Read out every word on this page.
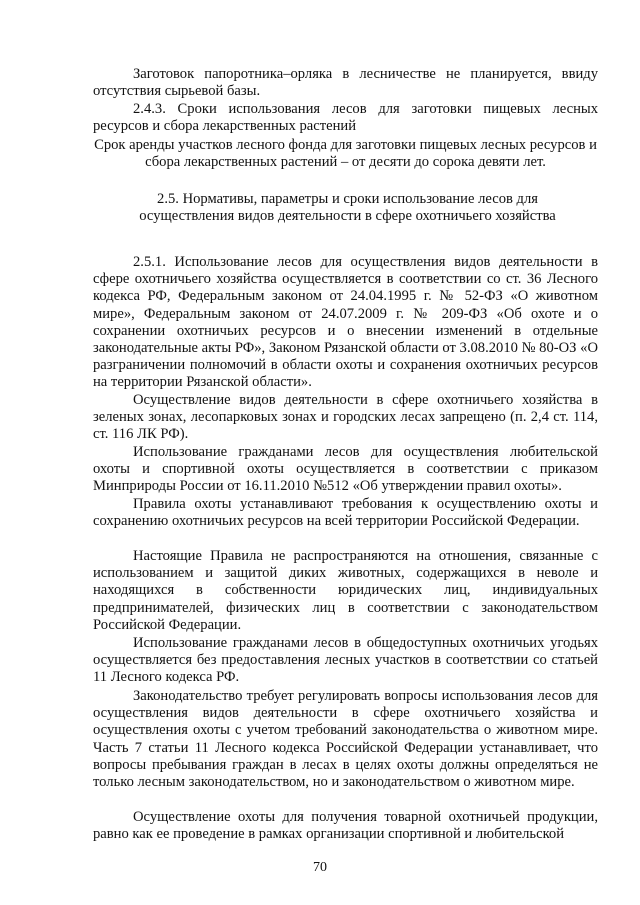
Заготовок папоротника–орляка в лесничестве не планируется, ввиду отсутствия сырьевой базы.

2.4.3. Сроки использования лесов для заготовки пищевых лесных ресурсов и сбора лекарственных растений

Срок аренды участков лесного фонда для заготовки пищевых лесных ресурсов и сбора лекарственных растений – от десяти до сорока девяти лет.

2.5. Нормативы, параметры и сроки использование лесов для осуществления видов деятельности в сфере охотничьего хозяйства

2.5.1. Использование лесов для осуществления видов деятельности в сфере охотничьего хозяйства осуществляется в соответствии со ст. 36 Лесного кодекса РФ, Федеральным законом от 24.04.1995 г. № 52-ФЗ «О животном мире», Федеральным законом от 24.07.2009 г. № 209-ФЗ «Об охоте и о сохранении охотничьих ресурсов и о внесении изменений в отдельные законодательные акты РФ», Законом Рязанской области от 3.08.2010 № 80-ОЗ «О разграничении полномочий в области охоты и сохранения охотничьих ресурсов на территории Рязанской области».

Осуществление видов деятельности в сфере охотничьего хозяйства в зеленых зонах, лесопарковых зонах и городских лесах запрещено (п. 2,4 ст. 114, ст. 116 ЛК РФ).

Использование гражданами лесов для осуществления любительской охоты и спортивной охоты осуществляется в соответствии с приказом Минприроды России от 16.11.2010 №512 «Об утверждении правил охоты».

Правила охоты устанавливают требования к осуществлению охоты и сохранению охотничьих ресурсов на всей территории Российской Федерации.

Настоящие Правила не распространяются на отношения, связанные с использованием и защитой диких животных, содержащихся в неволе и находящихся в собственности юридических лиц, индивидуальных предпринимателей, физических лиц в соответствии с законодательством Российской Федерации.

Использование гражданами лесов в общедоступных охотничьих угодьях осуществляется без предоставления лесных участков в соответствии со статьей 11 Лесного кодекса РФ.

Законодательство требует регулировать вопросы использования лесов для осуществления видов деятельности в сфере охотничьего хозяйства и осуществления охоты с учетом требований законодательства о животном мире. Часть 7 статьи 11 Лесного кодекса Российской Федерации устанавливает, что вопросы пребывания граждан в лесах в целях охоты должны определяться не только лесным законодательством, но и законодательством о животном мире.

Осуществление охоты для получения товарной охотничьей продукции, равно как ее проведение в рамках организации спортивной и любительской

70
